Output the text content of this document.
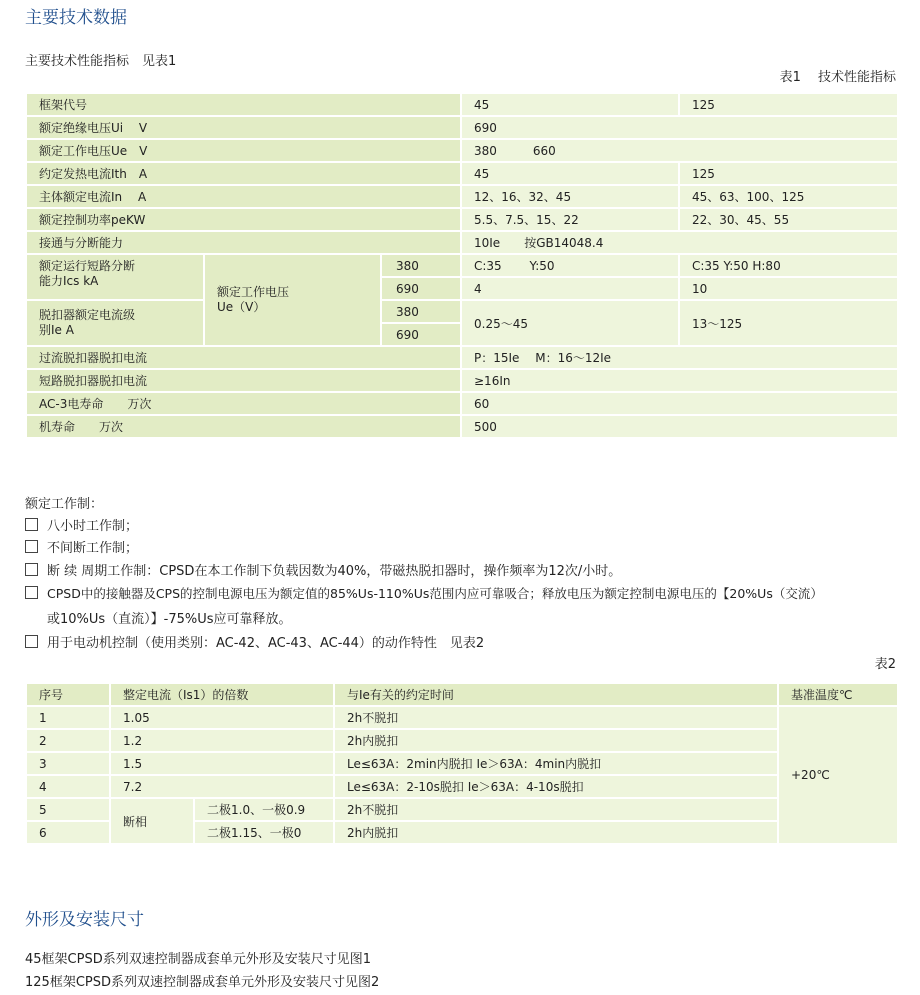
主要技术数据
主要技术性能指标　见表1
表1　 技术性能指标
框架代号			45	125
额定绝缘电压Ui　 V			690	
额定工作电压Ue　V			380　　　660	
约定发热电流Ith　A			45	125
主体额定电流In　 A			12、16、32、45	45、63、100、125
额定控制功率peKW			5.5、7.5、15、22	22、30、45、55
接通与分断能力			10Ie　　按GB14048.4	
额定运行短路分断能力Ics kA	额定工作电压Ue（V）	380	C:35　　 Y:50	C:35 Y:50 H:80
		690	4	10
脱扣器额定电流级别Ie A		380	0.25～45	13～125
		690		
过流脱扣器脱扣电流			P：15Ie　 M：16～12Ie	
短路脱扣器脱扣电流			≥16In	
AC-3电寿命　　万次			60	
机寿命　　万次			500	
额定工作制：
八小时工作制；
不间断工作制；
断 续 周期工作制：CPSD在本工作制下负载因数为40%，带磁热脱扣器时，操作频率为12次/小时。
CPSD中的接触器及CPS的控制电源电压为额定值的85%Us-110%Us范围内应可靠吸合；释放电压为额定控制电源电压的【20%Us（交流）
或10%Us（直流）】-75%Us应可靠释放。
用于电动机控制（使用类别：AC-42、AC-43、AC-44）的动作特性　见表2
表2
序号	整定电流（Is1）的倍数		与Ie有关的约定时间	基准温度℃
1	1.05		2h不脱扣	+20℃
2	1.2		2h内脱扣	
3	1.5		Le≤63A：2min内脱扣 Ie＞63A：4min内脱扣	
4	7.2		Le≤63A：2-10s脱扣 Ie＞63A：4-10s脱扣	
5	断相	二极1.0、一极0.9	2h不脱扣	
6		二极1.15、一极0	2h内脱扣	
外形及安装尺寸
45框架CPSD系列双速控制器成套单元外形及安装尺寸见图1
125框架CPSD系列双速控制器成套单元外形及安装尺寸见图2
